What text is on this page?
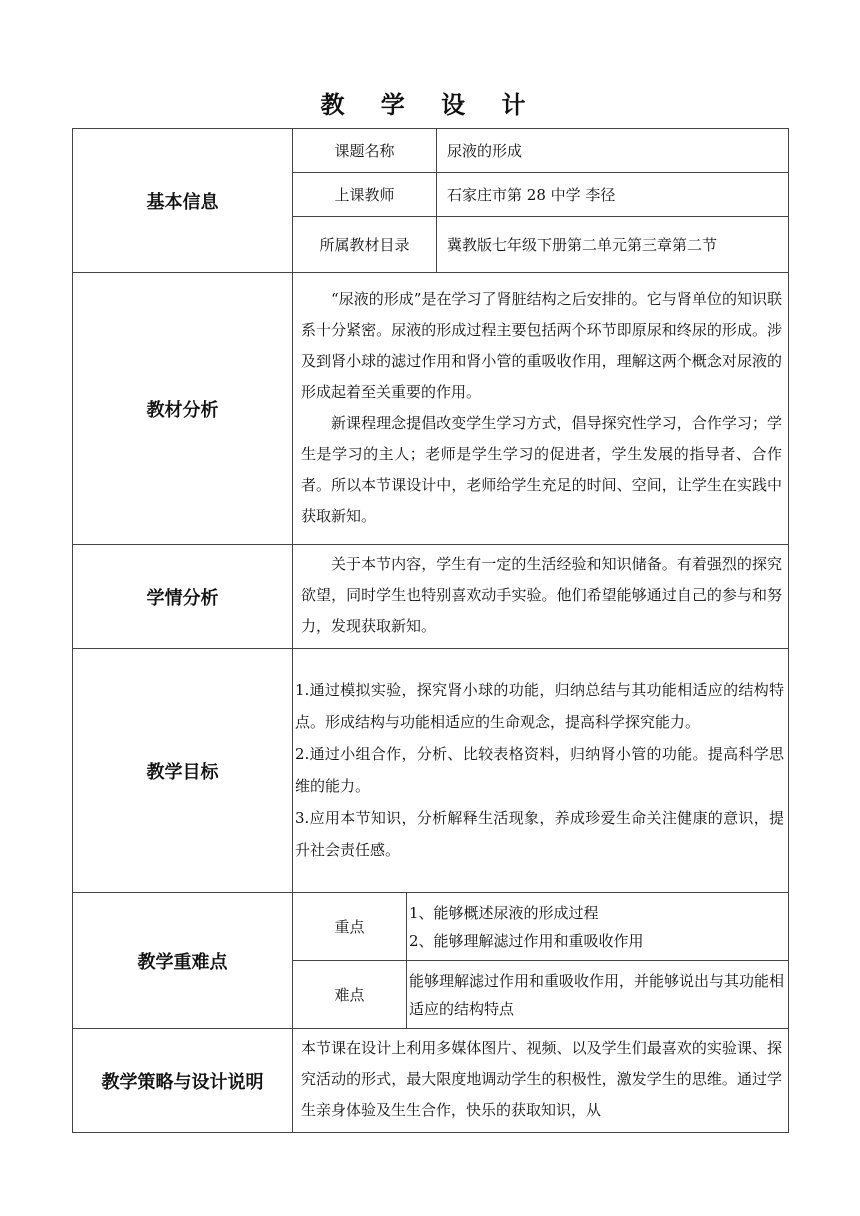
教 学 设 计
基本信息	课题名称		尿液的形成
	上课教师		石家庄市第 28 中学 李径
	所属教材目录		冀教版七年级下册第二单元第三章第二节
教材分析	“尿液的形成”是在学习了肾脏结构之后安排的。它与肾单位的知识联系十分紧密。尿液的形成过程主要包括两个环节即原尿和终尿的形成。涉及到肾小球的滤过作用和肾小管的重吸收作用，理解这两个概念对尿液的形成起着至关重要的作用。

新课程理念提倡改变学生学习方式，倡导探究性学习，合作学习；学生是学习的主人；老师是学生学习的促进者，学生发展的指导者、合作者。所以本节课设计中，老师给学生充足的时间、空间，让学生在实践中获取新知。		

学情分析	关于本节内容，学生有一定的生活经验和知识储备。有着强烈的探究欲望，同时学生也特别喜欢动手实验。他们希望能够通过自己的参与和努力，发现获取新知。		

教学目标	1.通过模拟实验，探究肾小球的功能，归纳总结与其功能相适应的结构特点。形成结构与功能相适应的生命观念，提高科学探究能力。

2.通过小组合作，分析、比较表格资料，归纳肾小管的功能。提高科学思维的能力。

3.应用本节知识，分析解释生活现象，养成珍爱生命关注健康的意识，提升社会责任感。		

教学重难点	重点	1、能够概述尿液的形成过程

2、能够理解滤过作用和重吸收作用	

	难点	能够理解滤过作用和重吸收作用，并能够说出与其功能相适应的结构特点	

教学策略与设计说明	本节课在设计上利用多媒体图片、视频、以及学生们最喜欢的实验课、探究活动的形式，最大限度地调动学生的积极性，激发学生的思维。通过学生亲身体验及生生合作，快乐的获取知识，从		
